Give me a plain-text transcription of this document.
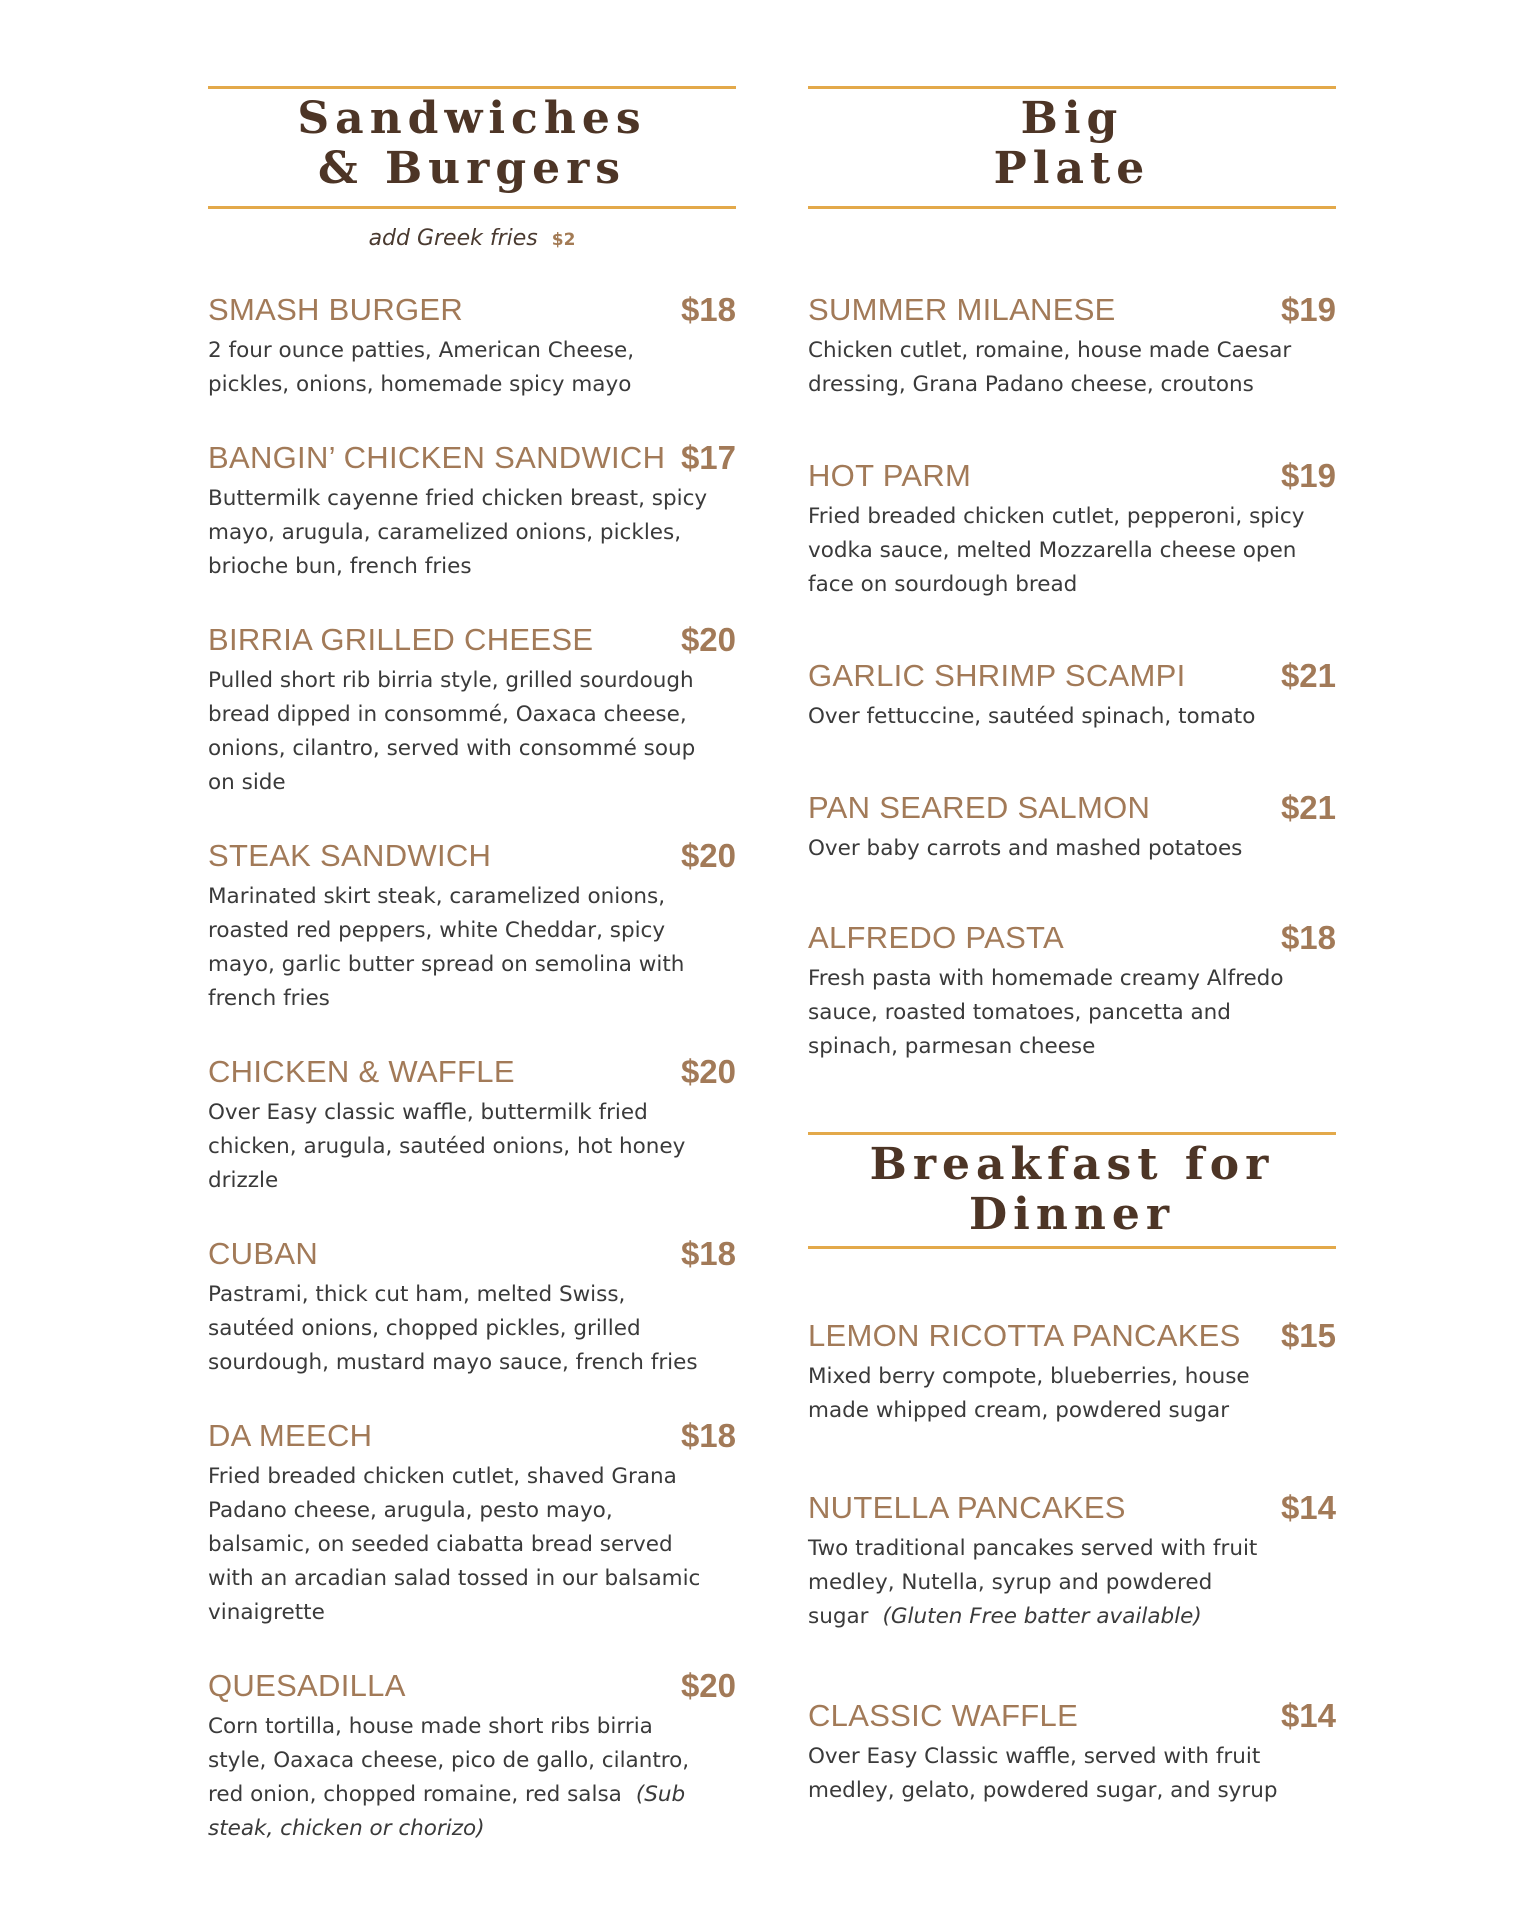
Sandwiches
& Burgers
add Greek fries $2
SMASH BURGER	$18
2 four ounce patties, American Cheese, pickles, onions, homemade spicy mayo
BANGIN’ CHICKEN SANDWICH $17
Buttermilk cayenne fried chicken breast, spicy mayo, arugula, caramelized onions, pickles, brioche bun, french fries
BIRRIA GRILLED CHEESE	$20
Pulled short rib birria style, grilled sourdough bread dipped in consommé, Oaxaca cheese, onions, cilantro, served with consommé soup on side
STEAK SANDWICH	$20
Marinated skirt steak, caramelized onions, roasted red peppers, white Cheddar, spicy mayo, garlic butter spread on semolina with french fries
CHICKEN & WAFFLE	$20
Over Easy classic waffle, buttermilk fried chicken, arugula, sautéed onions, hot honey drizzle
CUBAN	$18
Pastrami, thick cut ham, melted Swiss, sautéed onions, chopped pickles, grilled sourdough, mustard mayo sauce, french fries
DA MEECH	$18
Fried breaded chicken cutlet, shaved Grana Padano cheese, arugula, pesto mayo, balsamic, on seeded ciabatta bread served with an arcadian salad tossed in our balsamic vinaigrette
QUESADILLA	$20
Corn tortilla, house made short ribs birria style, Oaxaca cheese, pico de gallo, cilantro, red onion, chopped romaine, red salsa (Sub steak, chicken or chorizo)
Big
Plate
SUMMER MILANESE	$19
Chicken cutlet, romaine, house made Caesar dressing, Grana Padano cheese, croutons
HOT PARM	$19
Fried breaded chicken cutlet, pepperoni, spicy vodka sauce, melted Mozzarella cheese open face on sourdough bread
GARLIC SHRIMP SCAMPI	$21
Over fettuccine, sautéed spinach, tomato
PAN SEARED SALMON	$21
Over baby carrots and mashed potatoes
ALFREDO PASTA	$18
Fresh pasta with homemade creamy Alfredo sauce, roasted tomatoes, pancetta and spinach, parmesan cheese
Breakfast for
Dinner
LEMON RICOTTA PANCAKES	$15
Mixed berry compote, blueberries, house made whipped cream, powdered sugar
NUTELLA PANCAKES	$14
Two traditional pancakes served with fruit medley, Nutella, syrup and powdered sugar (Gluten Free batter available)
CLASSIC WAFFLE	$14
Over Easy Classic waffle, served with fruit medley, gelato, powdered sugar, and syrup
